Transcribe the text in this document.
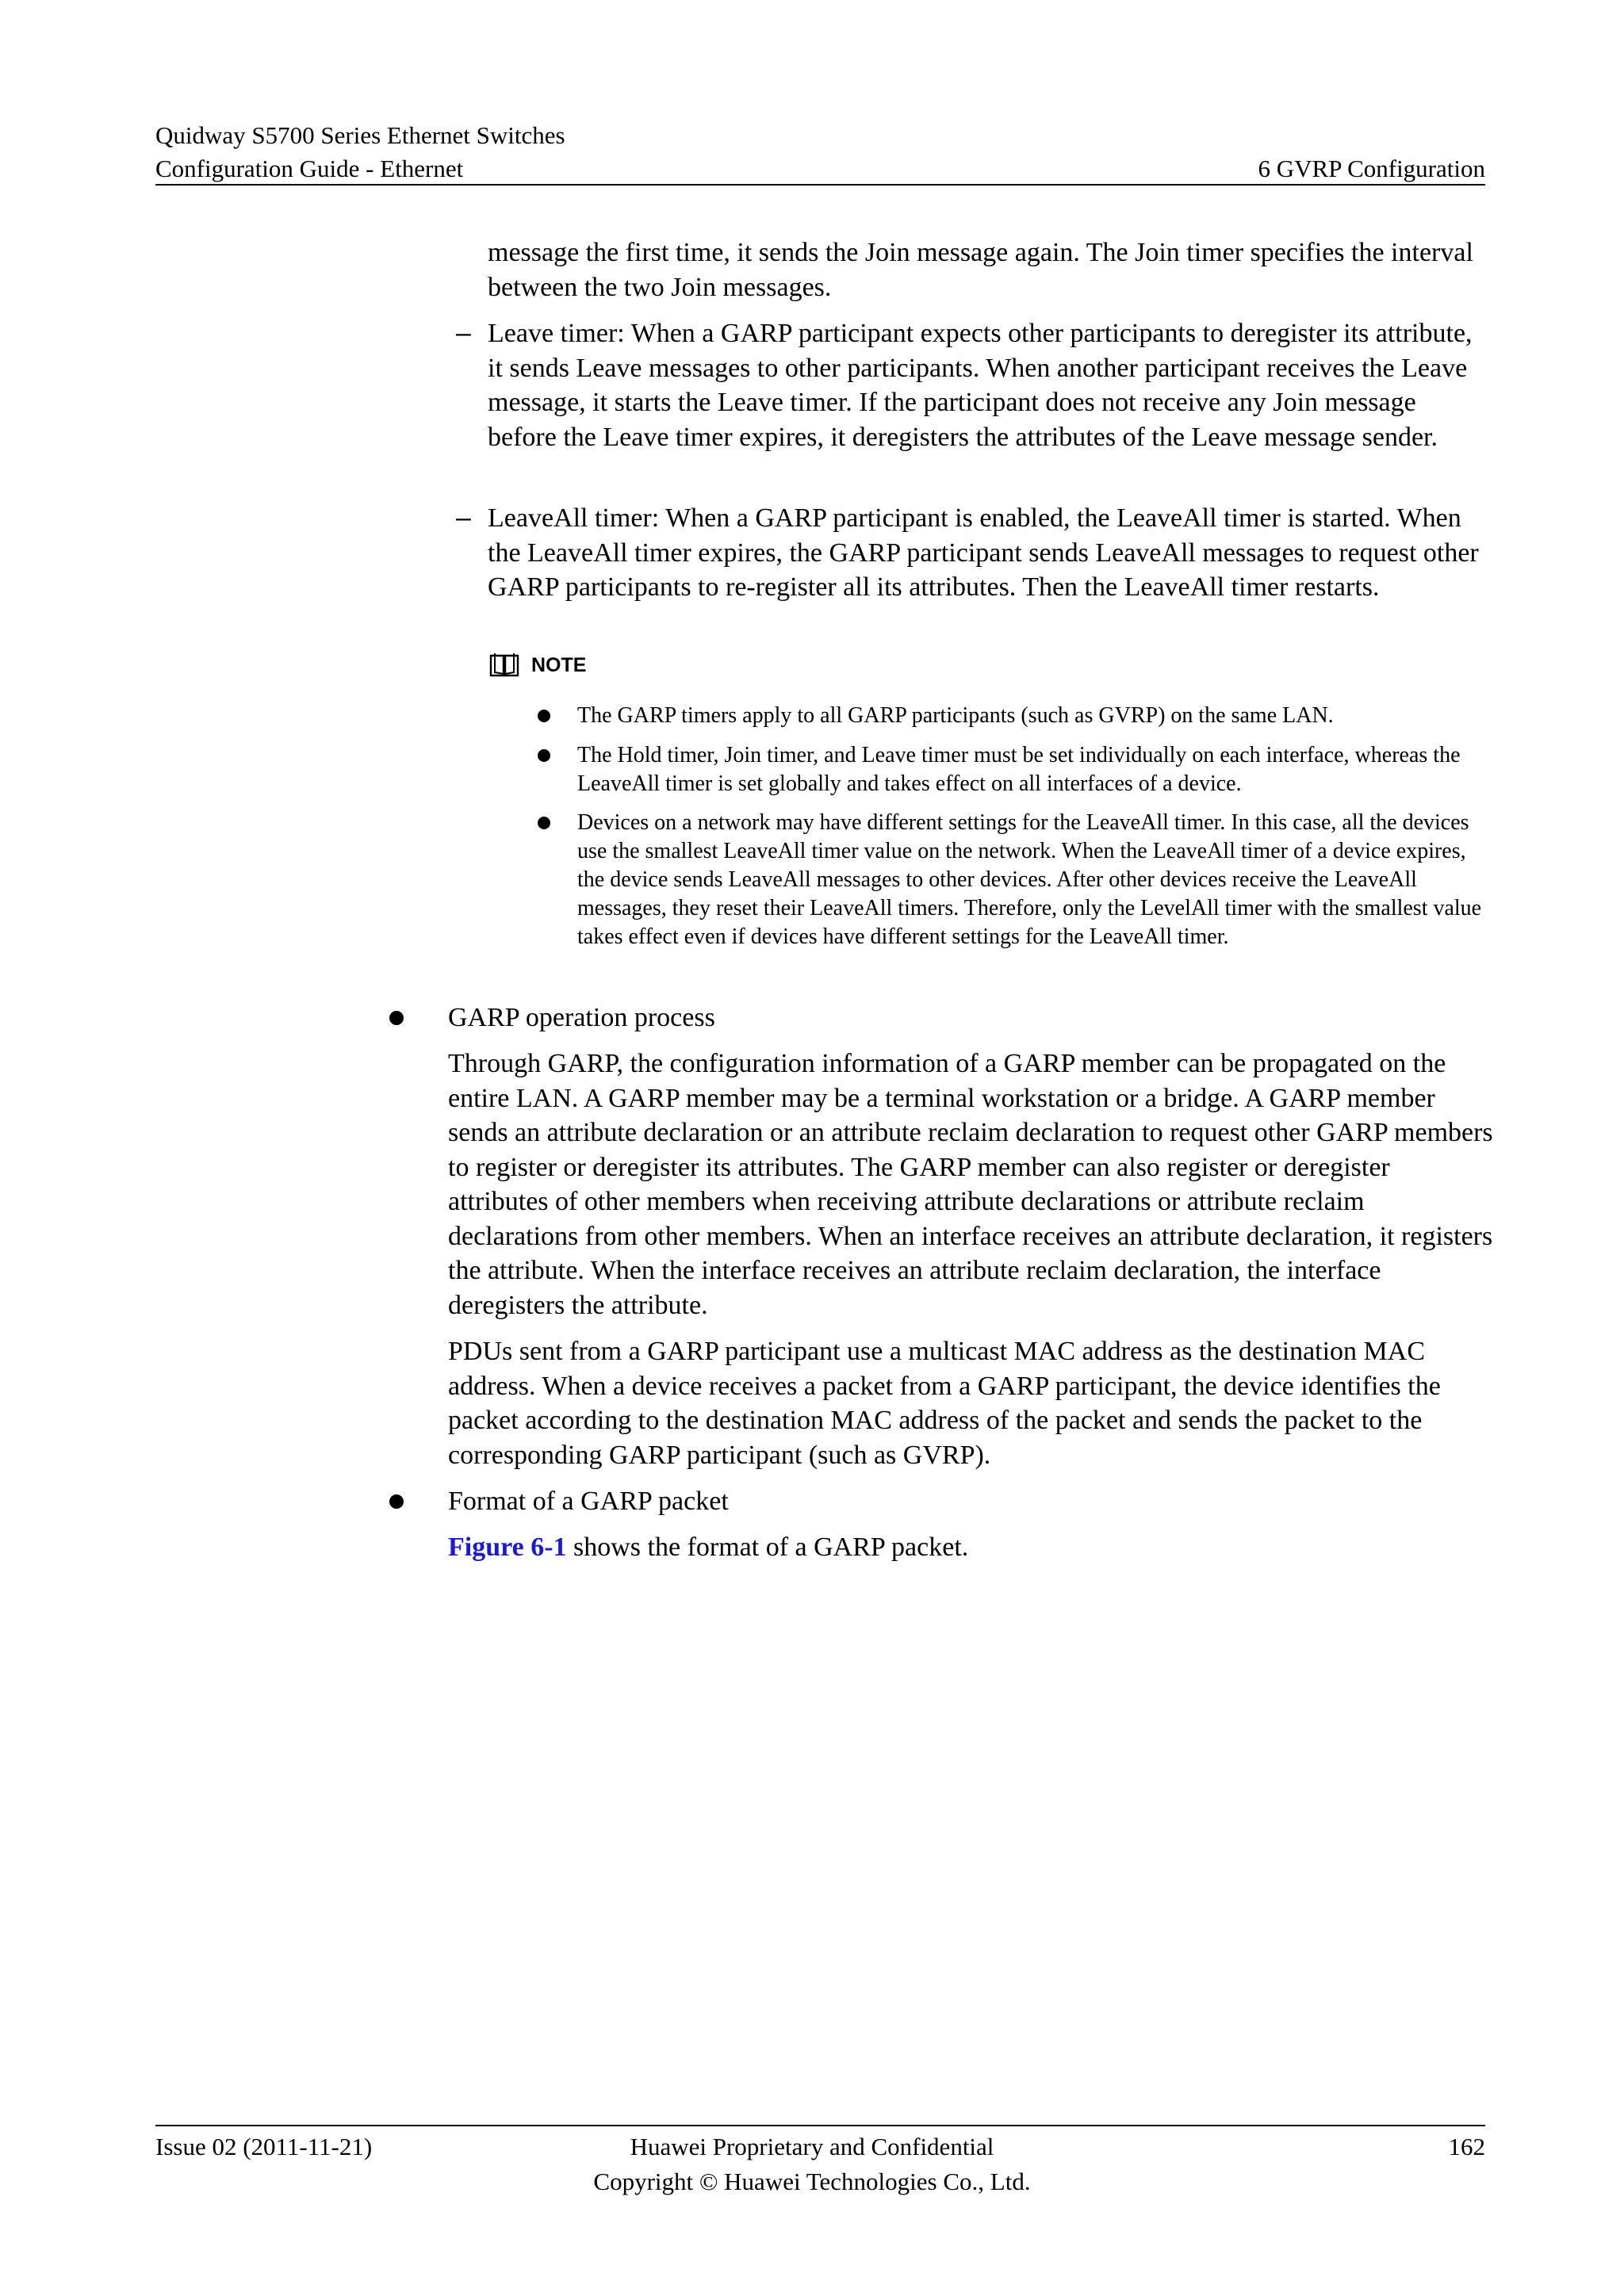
Quidway S5700 Series Ethernet Switches
Configuration Guide - Ethernet	6 GVRP Configuration
message the first time, it sends the Join message again. The Join timer specifies the interval between the two Join messages.
– Leave timer: When a GARP participant expects other participants to deregister its attribute, it sends Leave messages to other participants. When another participant receives the Leave message, it starts the Leave timer. If the participant does not receive any Join message before the Leave timer expires, it deregisters the attributes of the Leave message sender.
– LeaveAll timer: When a GARP participant is enabled, the LeaveAll timer is started. When the LeaveAll timer expires, the GARP participant sends LeaveAll messages to request other GARP participants to re-register all its attributes. Then the LeaveAll timer restarts.
NOTE
The GARP timers apply to all GARP participants (such as GVRP) on the same LAN.
The Hold timer, Join timer, and Leave timer must be set individually on each interface, whereas the LeaveAll timer is set globally and takes effect on all interfaces of a device.
Devices on a network may have different settings for the LeaveAll timer. In this case, all the devices use the smallest LeaveAll timer value on the network. When the LeaveAll timer of a device expires, the device sends LeaveAll messages to other devices. After other devices receive the LeaveAll messages, they reset their LeaveAll timers. Therefore, only the LevelAll timer with the smallest value takes effect even if devices have different settings for the LeaveAll timer.
GARP operation process
Through GARP, the configuration information of a GARP member can be propagated on the entire LAN. A GARP member may be a terminal workstation or a bridge. A GARP member sends an attribute declaration or an attribute reclaim declaration to request other GARP members to register or deregister its attributes. The GARP member can also register or deregister attributes of other members when receiving attribute declarations or attribute reclaim declarations from other members. When an interface receives an attribute declaration, it registers the attribute. When the interface receives an attribute reclaim declaration, the interface deregisters the attribute.
PDUs sent from a GARP participant use a multicast MAC address as the destination MAC address. When a device receives a packet from a GARP participant, the device identifies the packet according to the destination MAC address of the packet and sends the packet to the corresponding GARP participant (such as GVRP).
Format of a GARP packet
Figure 6-1 shows the format of a GARP packet.
Issue 02 (2011-11-21)	Huawei Proprietary and Confidential
Copyright © Huawei Technologies Co., Ltd.
162
